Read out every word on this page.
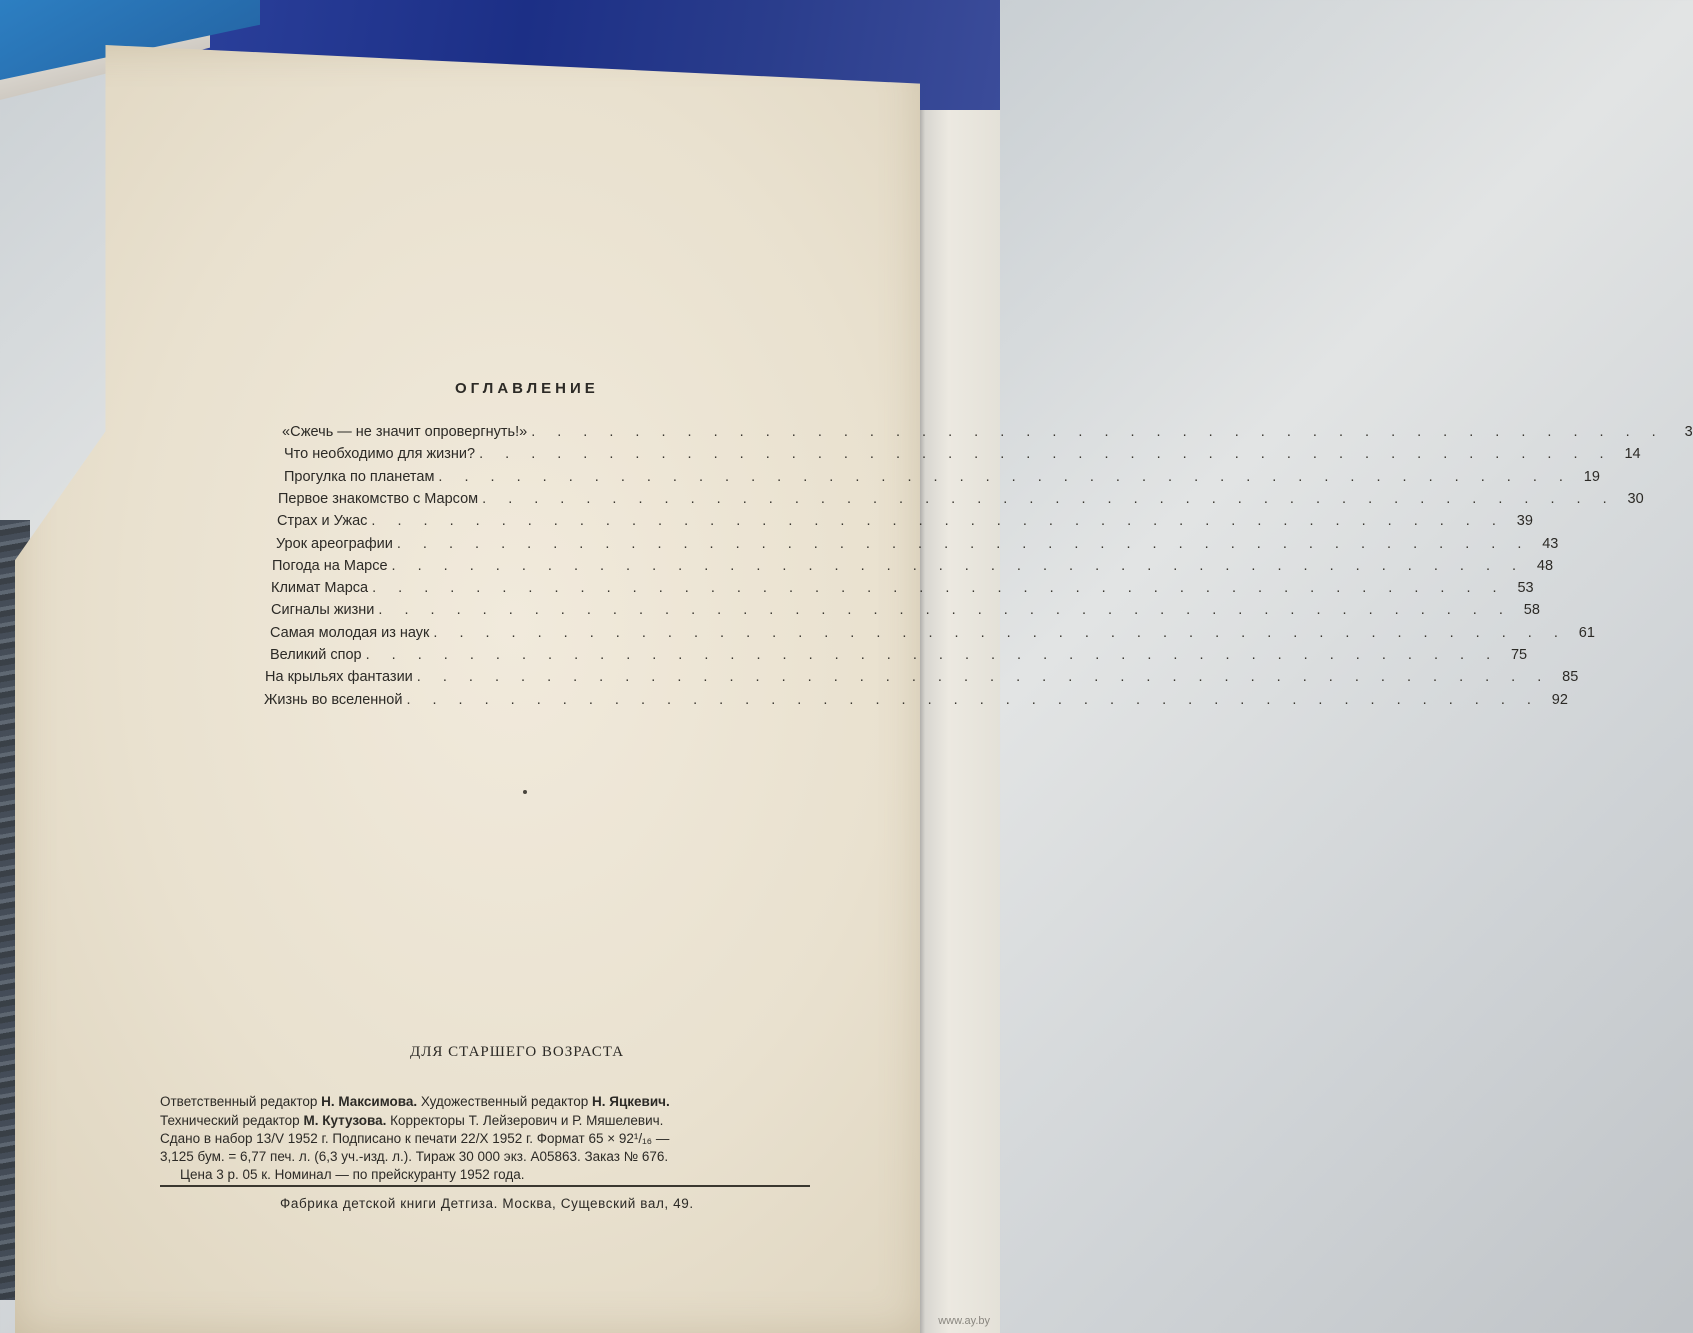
ОГЛАВЛЕНИЕ
«Сжечь — не значит опровергнуть!» . . . . . . . . . . . . . . . . . . . . . . . . . . . . . . . . . . . . . . . . . . . .	3
Что необходимо для жизни? . . . . . . . . . . . . . . . . . . . . . . . . . . . . . . . . . . . . . . . . . . . . 14
Прогулка по планетам . . . . . . . . . . . . . . . . . . . . . . . . . . . . . . . . . . . . . . . . . . . . 19
Первое знакомство с Марсом . . . . . . . . . . . . . . . . . . . . . . . . . . . . . . . . . . . . . . . . . . . . 30
Страх и Ужас . . . . . . . . . . . . . . . . . . . . . . . . . . . . . . . . . . . . . . . . . . . . 39
Урок ареографии . . . . . . . . . . . . . . . . . . . . . . . . . . . . . . . . . . . . . . . . . . . . 43
Погода на Марсе . . . . . . . . . . . . . . . . . . . . . . . . . . . . . . . . . . . . . . . . . . . . 48
Климат Марса . . . . . . . . . . . . . . . . . . . . . . . . . . . . . . . . . . . . . . . . . . . . 53
Сигналы жизни . . . . . . . . . . . . . . . . . . . . . . . . . . . . . . . . . . . . . . . . . . . . 58
Самая молодая из наук . . . . . . . . . . . . . . . . . . . . . . . . . . . . . . . . . . . . . . . . . . . . 61
Великий спор . . . . . . . . . . . . . . . . . . . . . . . . . . . . . . . . . . . . . . . . . . . . 75
На крыльях фантазии . . . . . . . . . . . . . . . . . . . . . . . . . . . . . . . . . . . . . . . . . . . . 85
Жизнь во вселенной . . . . . . . . . . . . . . . . . . . . . . . . . . . . . . . . . . . . . . . . . . . . 92
ДЛЯ СТАРШЕГО ВОЗРАСТА
Ответственный редактор Н. Максимова. Художественный редактор Н. Яцкевич.
Технический редактор М. Кутузова. Корректоры Т. Лейзерович и Р. Мяшелевич.
Сдано в набор 13/V 1952 г. Подписано к печати 22/X 1952 г. Формат 65 × 92¹/₁₆ —
3,125 бум. = 6,77 печ. л. (6,3 уч.-изд. л.). Тираж 30 000 экз. А05863. Заказ № 676.
Цена 3 р. 05 к. Номинал — по прейскуранту 1952 года.
Фабрика детской книги Детгиза. Москва, Сущевский вал, 49.
www.ay.by
